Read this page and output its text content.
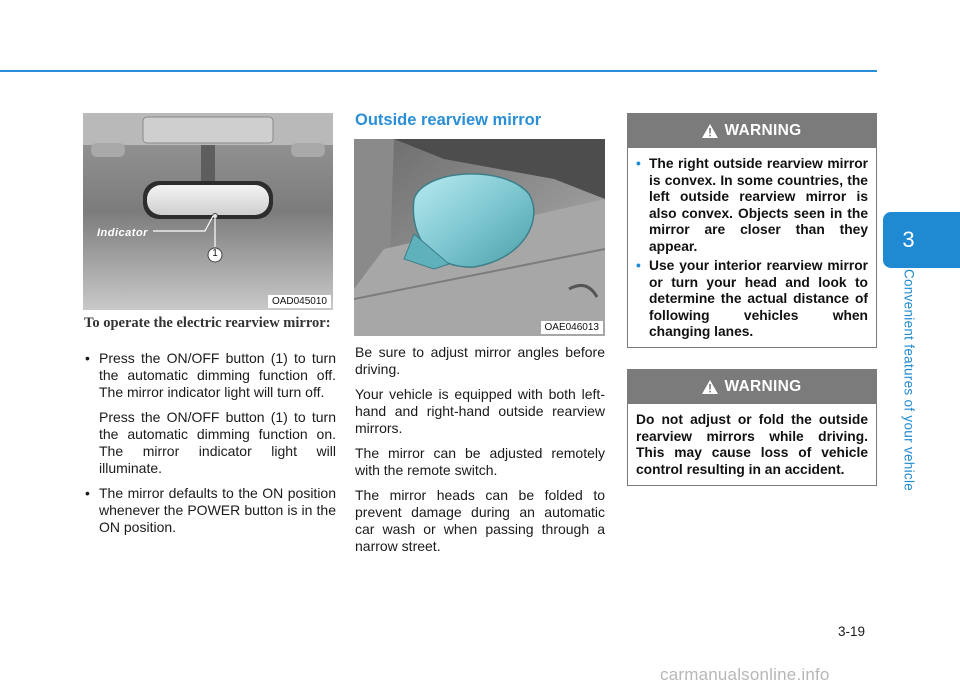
3
Convenient features of your vehicle
Indicator
1
OAD045010
To operate the electric rearview mirror:

• Press the ON/OFF button (1) to turn the automatic dimming function off. The mirror indicator light will turn off.

Press the ON/OFF button (1) to turn the automatic dimming function on. The mirror indicator light will illuminate.

• The mirror defaults to the ON position whenever the POWER button is in the ON position.

Outside rearview mirror
OAE046013

Be sure to adjust mirror angles before driving.

Your vehicle is equipped with both left-hand and right-hand outside rearview mirrors.

The mirror can be adjusted remotely with the remote switch.

The mirror heads can be folded to prevent damage during an automatic car wash or when passing through a narrow street.

WARNING
• The right outside rearview mirror is convex. In some countries, the left outside rearview mirror is also convex. Objects seen in the mirror are closer than they appear.
• Use your interior rearview mirror or turn your head and look to determine the actual distance of following vehicles when changing lanes.
WARNING

Do not adjust or fold the outside rearview mirrors while driving. This may cause loss of vehicle control resulting in an accident.

3-19
carmanualsonline.info
